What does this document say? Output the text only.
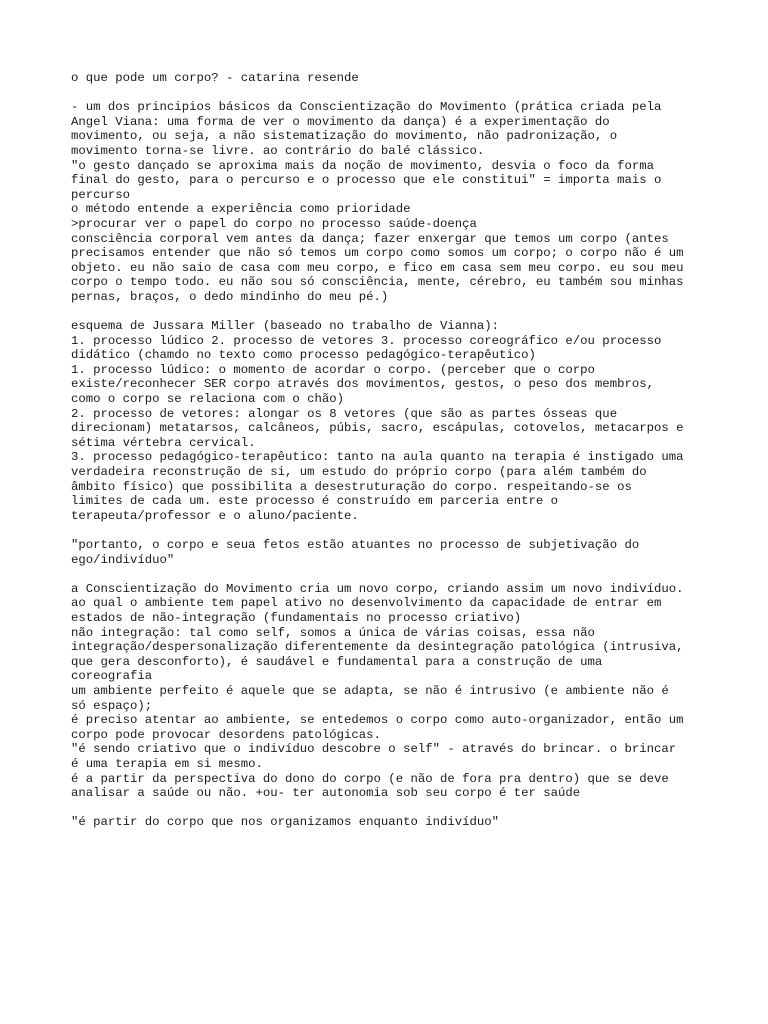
o que pode um corpo? - catarina resende
- um dos principios básicos da Conscientização do Movimento (prática criada pela
Angel Viana: uma forma de ver o movimento da dança) é a experimentação do
movimento, ou seja, a não sistematização do movimento, não padronização, o
movimento torna-se livre. ao contrário do balé clássico.
"o gesto dançado se aproxima mais da noção de movimento, desvia o foco da forma
final do gesto, para o percurso e o processo que ele constitui" = importa mais o
percurso
o método entende a experiência como prioridade
>procurar ver o papel do corpo no processo saúde-doença
consciência corporal vem antes da dança; fazer enxergar que temos um corpo (antes
precisamos entender que não só temos um corpo como somos um corpo; o corpo não é um
objeto. eu não saio de casa com meu corpo, e fico em casa sem meu corpo. eu sou meu
corpo o tempo todo. eu não sou só consciência, mente, cérebro, eu também sou minhas
pernas, braços, o dedo mindinho do meu pé.)
esquema de Jussara Miller (baseado no trabalho de Vianna):
1. processo lúdico 2. processo de vetores 3. processo coreográfico e/ou processo
didático (chamdo no texto como processo pedagógico-terapêutico)
1. processo lúdico: o momento de acordar o corpo. (perceber que o corpo
existe/reconhecer SER corpo através dos movimentos, gestos, o peso dos membros,
como o corpo se relaciona com o chão)
2. processo de vetores: alongar os 8 vetores (que são as partes ósseas que
direcionam) metatarsos, calcâneos, púbis, sacro, escápulas, cotovelos, metacarpos e
sétima vértebra cervical.
3. processo pedagógico-terapêutico: tanto na aula quanto na terapia é instigado uma
verdadeira reconstrução de si, um estudo do próprio corpo (para além também do
âmbito físico) que possibilita a desestruturação do corpo. respeitando-se os
limites de cada um. este processo é construído em parceria entre o
terapeuta/professor e o aluno/paciente.
"portanto, o corpo e seua fetos estão atuantes no processo de subjetivação do
ego/indivíduo"
a Conscientização do Movimento cria um novo corpo, criando assim um novo indivíduo.
ao qual o ambiente tem papel ativo no desenvolvimento da capacidade de entrar em
estados de não-integração (fundamentais no processo criativo)
não integração: tal como self, somos a única de várias coisas, essa não
integração/despersonalização diferentemente da desintegração patológica (intrusiva,
que gera desconforto), é saudável e fundamental para a construção de uma
coreografia
um ambiente perfeito é aquele que se adapta, se não é intrusivo (e ambiente não é
só espaço);
é preciso atentar ao ambiente, se entedemos o corpo como auto-organizador, então um
corpo pode provocar desordens patológicas.
"é sendo criativo que o indivíduo descobre o self" - através do brincar. o brincar
é uma terapia em si mesmo.
é a partir da perspectiva do dono do corpo (e não de fora pra dentro) que se deve
analisar a saúde ou não. +ou- ter autonomia sob seu corpo é ter saúde
"é partir do corpo que nos organizamos enquanto indivíduo"
